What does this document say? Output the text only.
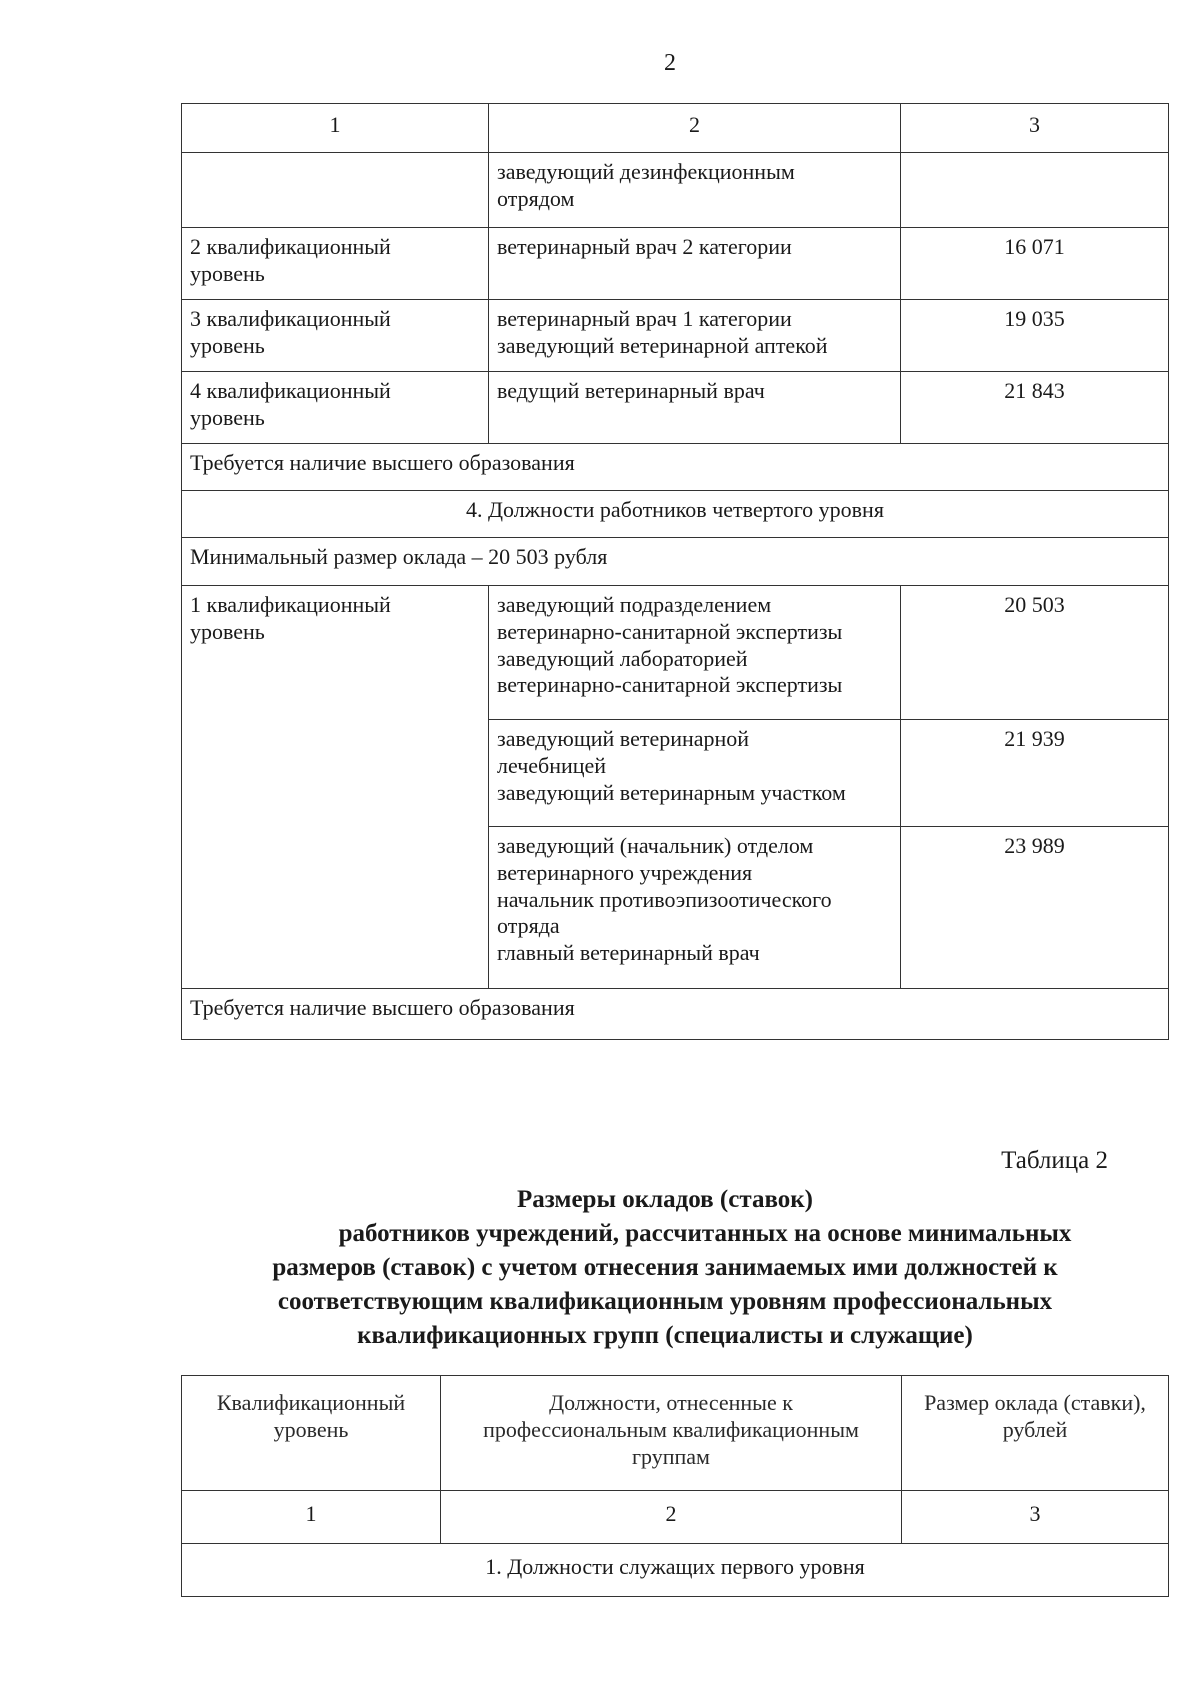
2
1	2	3
	заведующий дезинфекционным
отрядом	
2 квалификационный
уровень	ветеринарный врач 2 категории	16 071
3 квалификационный
уровень	ветеринарный врач 1 категории
заведующий ветеринарной аптекой	19 035
4 квалификационный
уровень	ведущий ветеринарный врач	21 843
Требуется наличие высшего образования		
4. Должности работников четвертого уровня		
Минимальный размер оклада – 20 503 рубля		
1 квалификационный
уровень	заведующий подразделением
ветеринарно-санитарной экспертизы
заведующий лабораторией
ветеринарно-санитарной экспертизы	20 503
	заведующий ветеринарной
лечебницей
заведующий ветеринарным участком	21 939
	заведующий (начальник) отделом
ветеринарного учреждения
начальник противоэпизоотического
отряда
главный ветеринарный врач	23 989
Требуется наличие высшего образования		
Таблица 2
Размеры окладов (ставок)
работников учреждений, рассчитанных на основе минимальных
размеров (ставок) с учетом отнесения занимаемых ими должностей к
соответствующим квалификационным уровням профессиональных
квалификационных групп (специалисты и служащие)
Квалификационный
уровень	Должности, отнесенные к
профессиональным квалификационным
группам	Размер оклада (ставки),
рублей
1	2	3
1. Должности служащих первого уровня		
